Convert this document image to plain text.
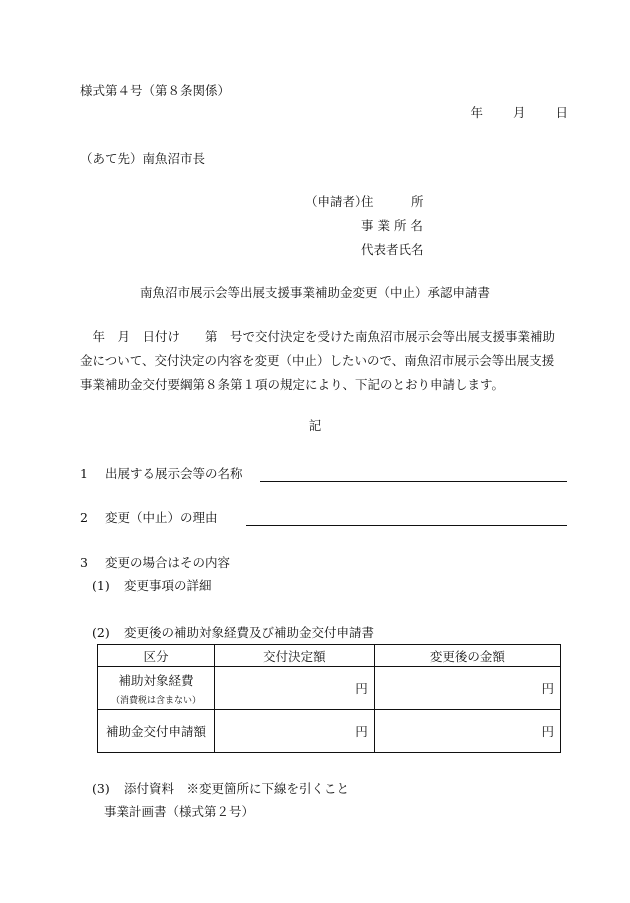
様式第４号（第８条関係）
年 月 日
（あて先）南魚沼市長
（申請者）住　　　所
事 業 所 名
代表者氏名
南魚沼市展示会等出展支援事業補助金変更（中止）承認申請書

　年　月　日付け　　第　号で交付決定を受けた南魚沼市展示会等出展支援事業補助

金について、交付決定の内容を変更（中止）したいので、南魚沼市展示会等出展支援

事業補助金交付要綱第８条第１項の規定により、下記のとおり申請します。

記
1 出展する展示会等の名称
2 変更（中止）の理由
3 変更の場合はその内容
(1) 変更事項の詳細
(2) 変更後の補助対象経費及び補助金交付申請書
区分	交付決定額	変更後の金額
補助対象経費
（消費税は含まない）	円	円
補助金交付申請額	円	円
(3) 添付資料　※変更箇所に下線を引くこと
事業計画書（様式第２号）
